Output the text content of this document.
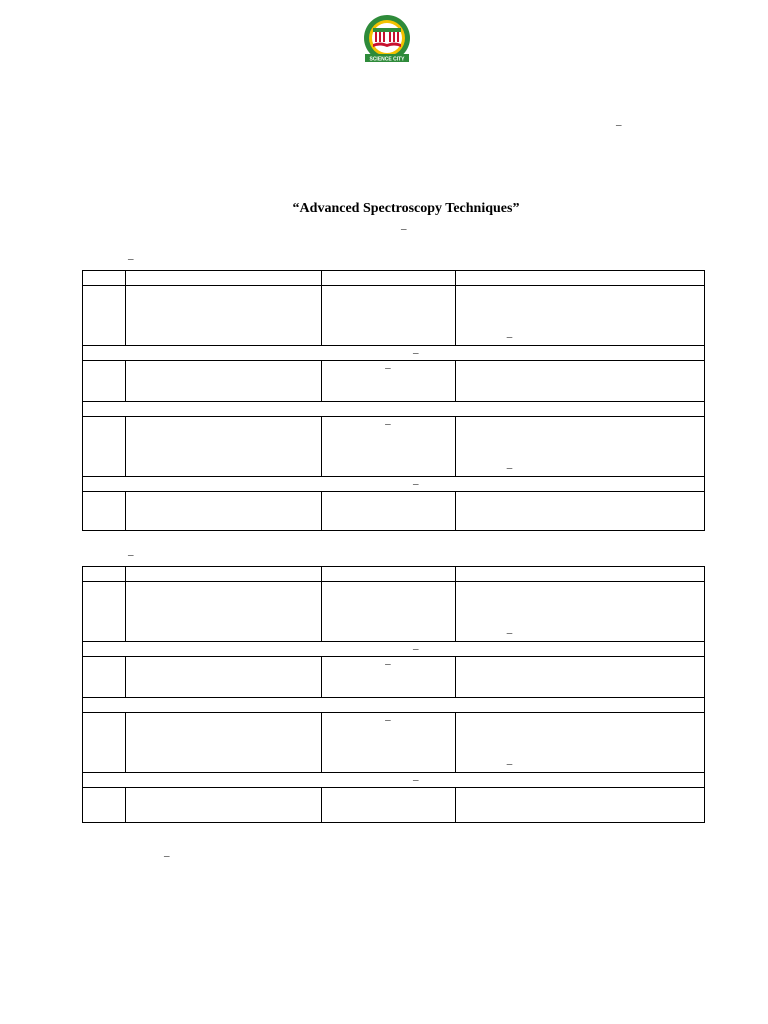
SCIENCE CITY
–
“Advanced Spectroscopy Techniques”
–
–

			–

–			

		–	

		–	–

–			

–

			–

–			

		–	

		–	–

–			

–
